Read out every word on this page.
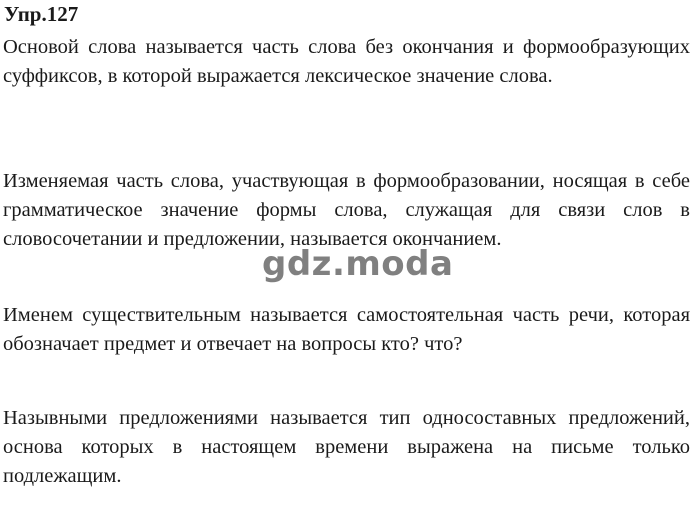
Упр.127

Основой слова называется часть слова без окончания и формообразующих суффиксов, в которой выражается лексическое значение слова.

Изменяемая часть слова, участвующая в формообразовании, носящая в себе грамматическое значение формы слова, служащая для связи слов в словосочетании и предложении, называется окончанием.

gdz.moda

Именем существительным называется самостоятельная часть речи, которая обозначает предмет и отвечает на вопросы кто? что?

Назывными предложениями называется тип односоставных предложений, основа которых в настоящем времени выражена на письме только подлежащим.
